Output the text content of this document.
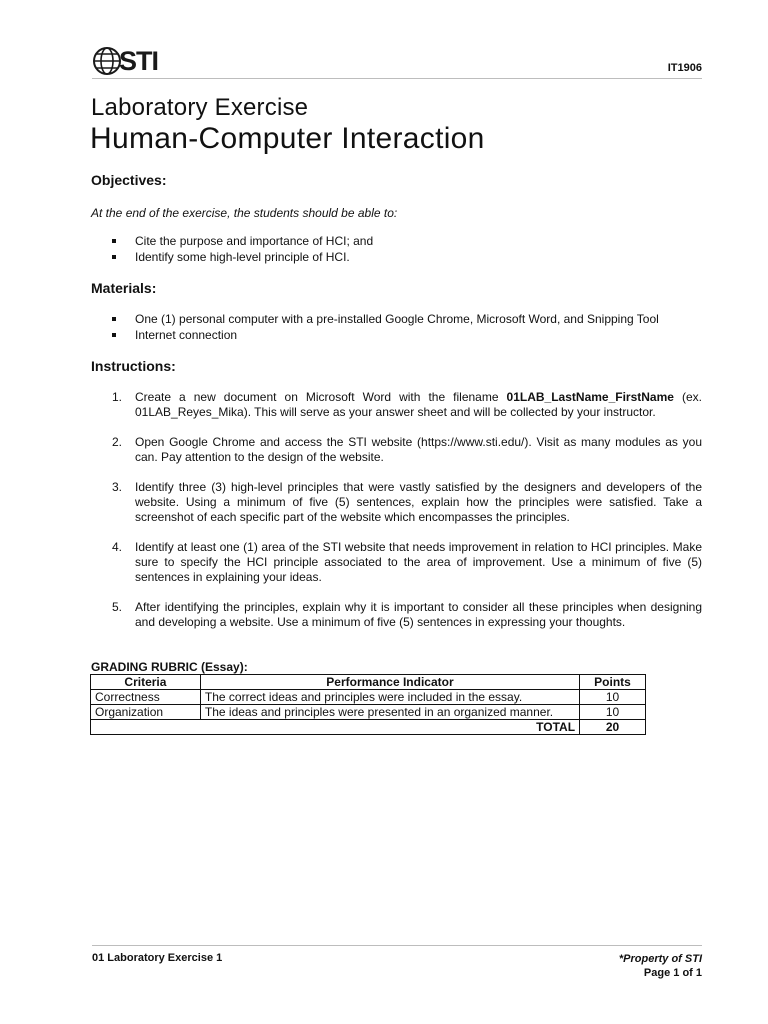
STI	IT1906
Laboratory Exercise
Human-Computer Interaction
Objectives:
At the end of the exercise, the students should be able to:
Cite the purpose and importance of HCI; and
Identify some high-level principle of HCI.
Materials:
One (1) personal computer with a pre-installed Google Chrome, Microsoft Word, and Snipping Tool
Internet connection
Instructions:
1. Create a new document on Microsoft Word with the filename 01LAB_LastName_FirstName (ex. 01LAB_Reyes_Mika). This will serve as your answer sheet and will be collected by your instructor.
2. Open Google Chrome and access the STI website (https://www.sti.edu/). Visit as many modules as you can. Pay attention to the design of the website.
3. Identify three (3) high-level principles that were vastly satisfied by the designers and developers of the website. Using a minimum of five (5) sentences, explain how the principles were satisfied. Take a screenshot of each specific part of the website which encompasses the principles.
4. Identify at least one (1) area of the STI website that needs improvement in relation to HCI principles. Make sure to specify the HCI principle associated to the area of improvement. Use a minimum of five (5) sentences in explaining your ideas.
5. After identifying the principles, explain why it is important to consider all these principles when designing and developing a website. Use a minimum of five (5) sentences in expressing your thoughts.
GRADING RUBRIC (Essay):
Criteria	Performance Indicator	Points
Correctness	The correct ideas and principles were included in the essay.	10
Organization	The ideas and principles were presented in an organized manner.	10
TOTAL		20
01 Laboratory Exercise 1	*Property of STI
Page 1 of 1
